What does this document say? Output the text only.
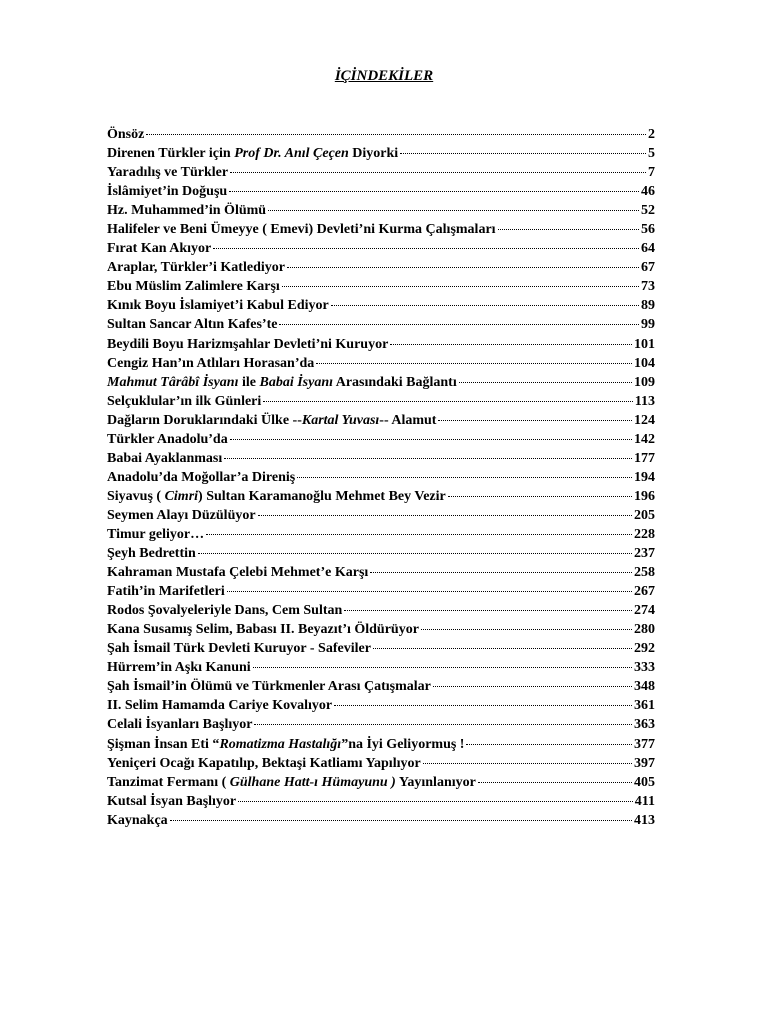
İÇİNDEKİLER
Önsöz	2
Direnen Türkler için Prof Dr. Anıl Çeçen Diyorki	5
Yaradılış ve Türkler	7
İslâmiyet’in Doğuşu	46
Hz. Muhammed’in Ölümü	52
Halifeler ve Beni Ümeyye ( Emevi) Devleti’ni Kurma Çalışmaları	56
Fırat Kan Akıyor	64
Araplar, Türkler’i Katlediyor	67
Ebu Müslim Zalimlere Karşı	73
Kınık Boyu İslamiyet’i Kabul Ediyor	89
Sultan Sancar Altın Kafes’te	99
Beydili Boyu Harizmşahlar Devleti’ni Kuruyor	101
Cengiz Han’ın Atlıları Horasan’da	104
Mahmut Târâbî İsyanı ile Babai İsyanı Arasındaki Bağlantı	109
Selçuklular’ın ilk Günleri	113
Dağların Doruklarındaki Ülke --Kartal Yuvası-- Alamut	124
Türkler Anadolu’da	142
Babai Ayaklanması	177
Anadolu’da Moğollar’a Direniş	194
Siyavuş ( Cimri) Sultan Karamanoğlu Mehmet Bey Vezir	196
Seymen Alayı Düzülüyor	205
Timur geliyor…	228
Şeyh Bedrettin	237
Kahraman Mustafa Çelebi Mehmet’e Karşı	258
Fatih’in Marifetleri	267
Rodos Şovalyeleriyle Dans, Cem Sultan	274
Kana Susamış Selim, Babası II. Beyazıt’ı Öldürüyor	280
Şah İsmail Türk Devleti Kuruyor - Safeviler	292
Hürrem’in Aşkı Kanuni	333
Şah İsmail’in Ölümü ve Türkmenler Arası Çatışmalar	348
II. Selim Hamamda Cariye Kovalıyor	361
Celali İsyanları Başlıyor	363
Şişman İnsan Eti “Romatizma Hastalığı”na İyi Geliyormuş !	377
Yeniçeri Ocağı Kapatılıp, Bektaşi Katliamı Yapılıyor	397
Tanzimat Fermanı ( Gülhane Hatt-ı Hümayunu ) Yayınlanıyor	405
Kutsal İsyan Başlıyor	411
Kaynakça	413
